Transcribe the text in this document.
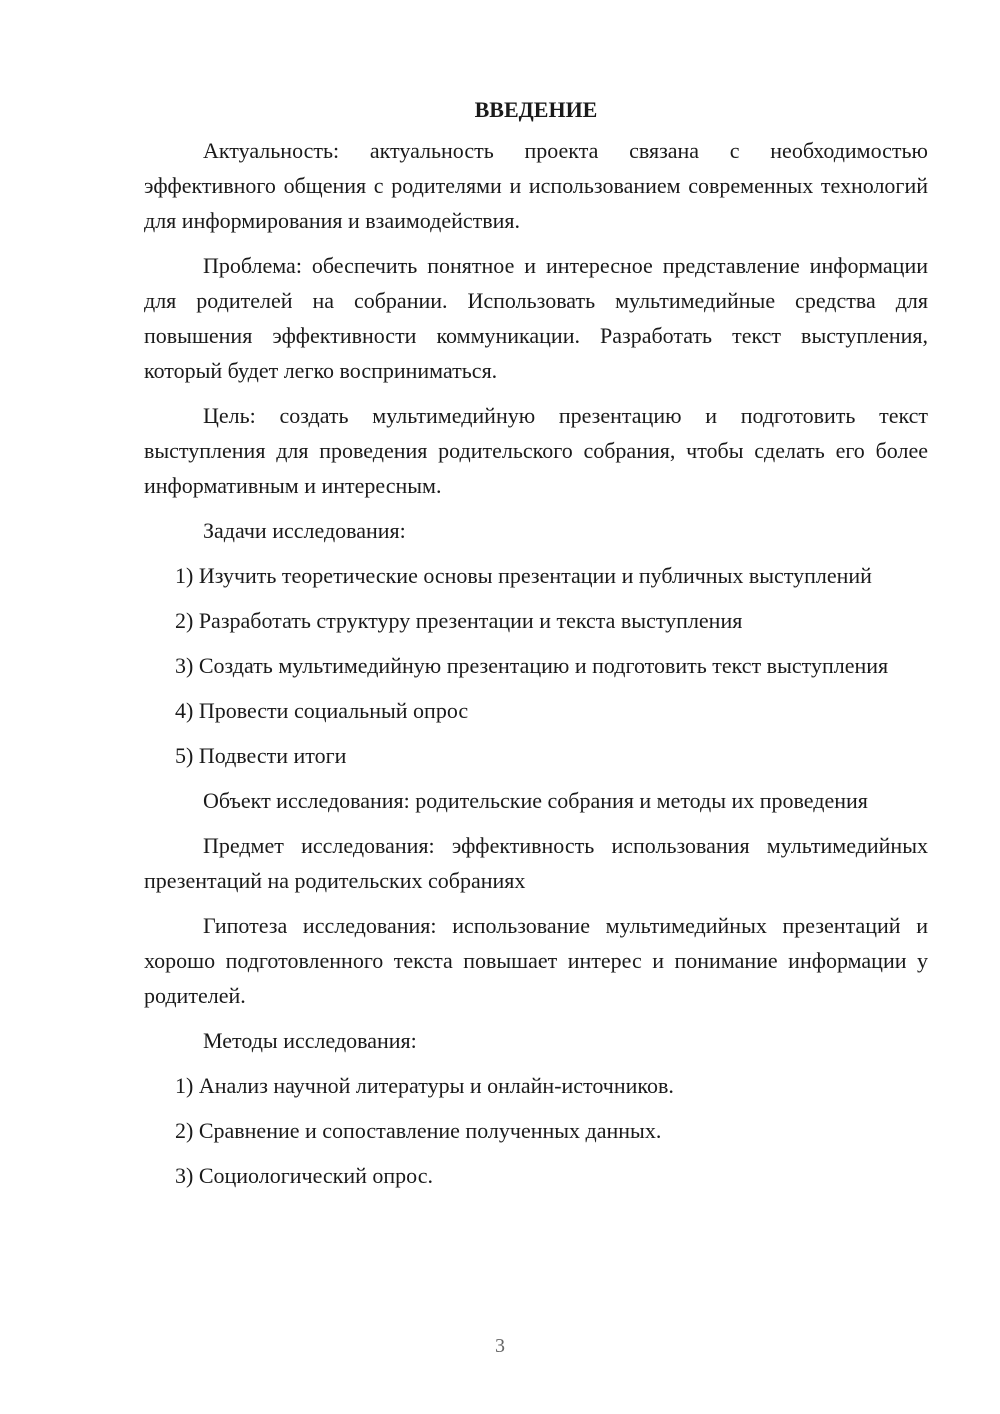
ВВЕДЕНИЕ
Актуальность: актуальность проекта связана с необходимостью эффективного общения с родителями и использованием современных технологий для информирования и взаимодействия.
Проблема: обеспечить понятное и интересное представление информации для родителей на собрании. Использовать мультимедийные средства для повышения эффективности коммуникации. Разработать текст выступления, который будет легко восприниматься.
Цель: создать мультимедийную презентацию и подготовить текст выступления для проведения родительского собрания, чтобы сделать его более информативным и интересным.
Задачи исследования:
1) Изучить теоретические основы презентации и публичных выступлений
2) Разработать структуру презентации и текста выступления
3) Создать мультимедийную презентацию и подготовить текст выступления
4) Провести социальный опрос
5) Подвести итоги
Объект исследования: родительские собрания и методы их проведения
Предмет исследования: эффективность использования мультимедийных презентаций на родительских собраниях
Гипотеза исследования: использование мультимедийных презентаций и хорошо подготовленного текста повышает интерес и понимание информации у родителей.
Методы исследования:
1) Анализ научной литературы и онлайн-источников.
2) Сравнение и сопоставление полученных данных.
3) Социологический опрос.
3
